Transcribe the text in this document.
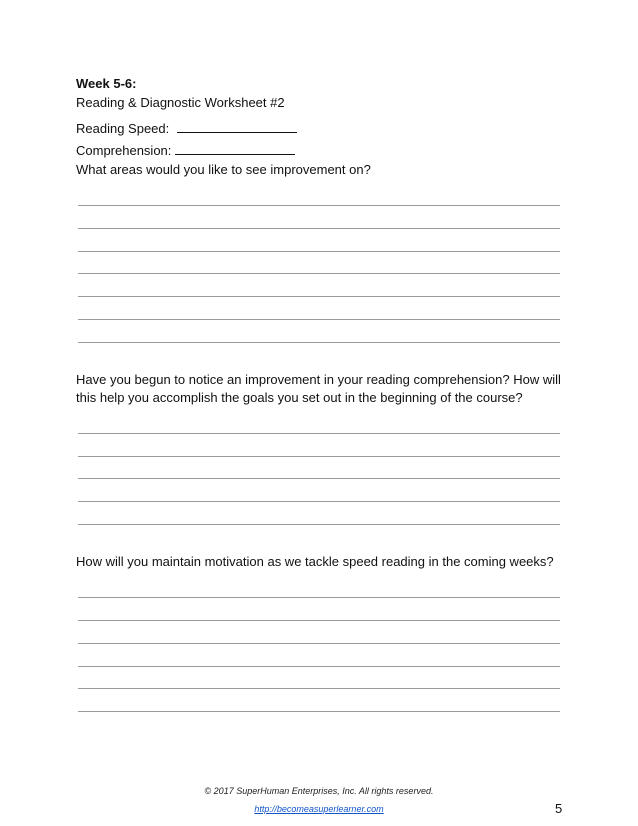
Week 5-6:
Reading & Diagnostic Worksheet #2
Reading Speed:
Comprehension:
What areas would you like to see improvement on?
Have you begun to notice an improvement in your reading comprehension? How will
this help you accomplish the goals you set out in the beginning of the course?
How will you maintain motivation as we tackle speed reading in the coming weeks?
© 2017 SuperHuman Enterprises, Inc. All rights reserved.
http://becomeasuperlearner.com	5
